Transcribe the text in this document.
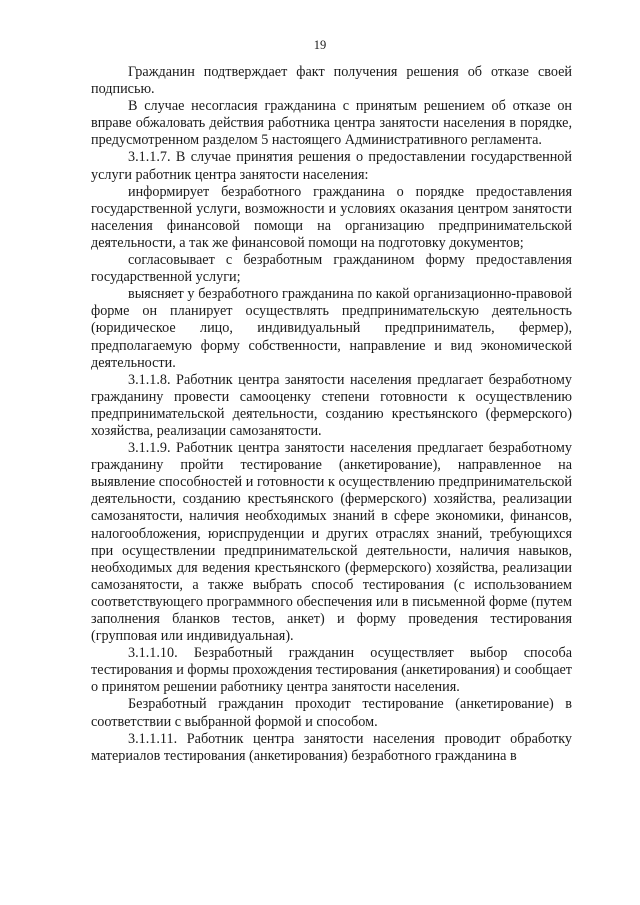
19

Гражданин подтверждает факт получения решения об отказе своей подписью.

В случае несогласия гражданина с принятым решением об отказе он вправе обжаловать действия работника центра занятости населения в порядке, предусмотренном разделом 5 настоящего Административного регламента.

3.1.1.7. В случае принятия решения о предоставлении государственной услуги работник центра занятости населения:

информирует безработного гражданина о порядке предоставления государственной услуги, возможности и условиях оказания центром занятости населения финансовой помощи на организацию предпринимательской деятельности, а так же финансовой помощи на подготовку документов;

согласовывает с безработным гражданином форму предоставления государственной услуги;

выясняет у безработного гражданина по какой организационно-правовой форме он планирует осуществлять предпринимательскую деятельность (юридическое лицо, индивидуальный предприниматель, фермер), предполагаемую форму собственности, направление и вид экономической деятельности.

3.1.1.8. Работник центра занятости населения предлагает безработному гражданину провести самооценку степени готовности к осуществлению предпринимательской деятельности, созданию крестьянского (фермерского) хозяйства, реализации самозанятости.

3.1.1.9. Работник центра занятости населения предлагает безработному гражданину пройти тестирование (анкетирование), направленное на выявление способностей и готовности к осуществлению предпринимательской деятельности, созданию крестьянского (фермерского) хозяйства, реализации самозанятости, наличия необходимых знаний в сфере экономики, финансов, налогообложения, юриспруденции и других отраслях знаний, требующихся при осуществлении предпринимательской деятельности, наличия навыков, необходимых для ведения крестьянского (фермерского) хозяйства, реализации самозанятости, а также выбрать способ тестирования (с использованием соответствующего программного обеспечения или в письменной форме (путем заполнения бланков тестов, анкет) и форму проведения тестирования (групповая или индивидуальная).

3.1.1.10. Безработный гражданин осуществляет выбор способа тестирования и формы прохождения тестирования (анкетирования) и сообщает о принятом решении работнику центра занятости населения.

Безработный гражданин проходит тестирование (анкетирование) в соответствии с выбранной формой и способом.

3.1.1.11. Работник центра занятости населения проводит обработку материалов тестирования (анкетирования) безработного гражданина в
